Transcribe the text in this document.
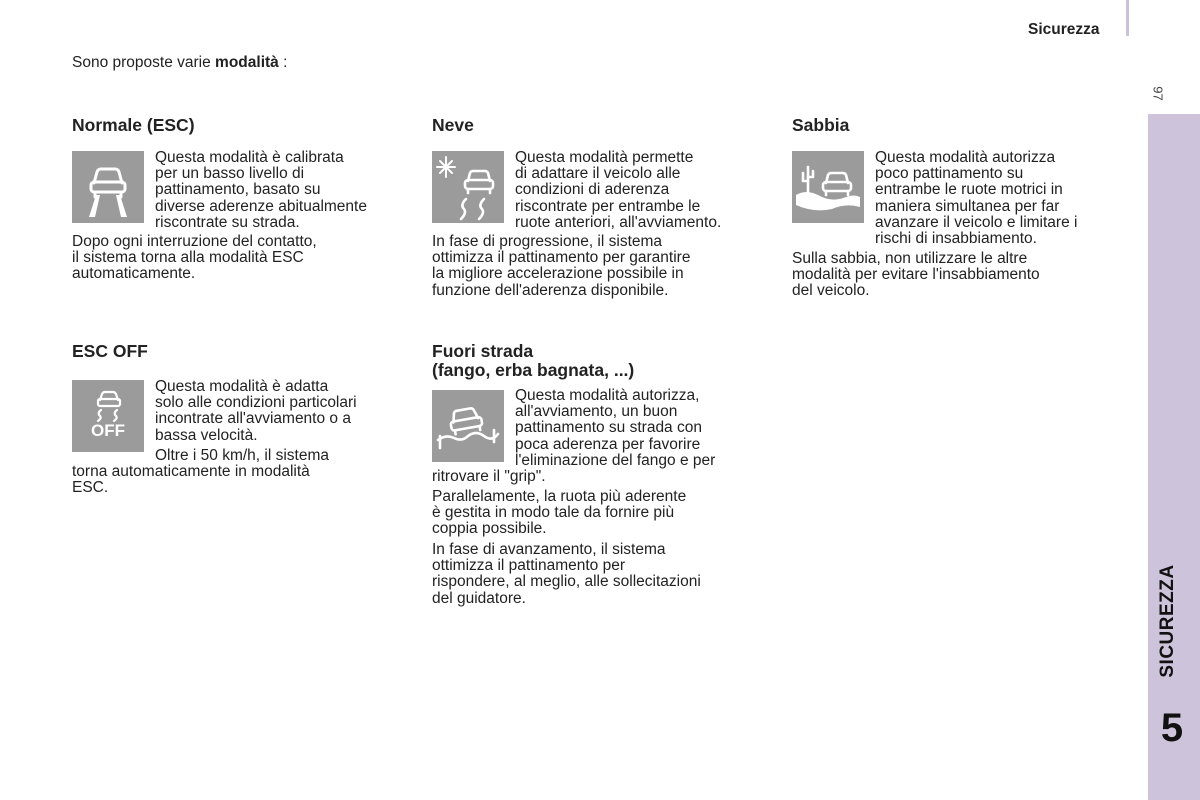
Sicurezza
97
SICUREZZA
5
Sono proposte varie modalità :
Normale (ESC)
Questa modalità è calibrata
per un basso livello di
pattinamento, basato su
diverse aderenze abitualmente
riscontrate su strada.
Dopo ogni interruzione del contatto,
il sistema torna alla modalità ESC
automaticamente.
Neve
Questa modalità permette
di adattare il veicolo alle
condizioni di aderenza
riscontrate per entrambe le
ruote anteriori, all'avviamento.
In fase di progressione, il sistema
ottimizza il pattinamento per garantire
la migliore accelerazione possibile in
funzione dell'aderenza disponibile.
Sabbia
Questa modalità autorizza
poco pattinamento su
entrambe le ruote motrici in
maniera simultanea per far
avanzare il veicolo e limitare i
rischi di insabbiamento.
Sulla sabbia, non utilizzare le altre
modalità per evitare l'insabbiamento
del veicolo.
ESC OFF
OFF
Questa modalità è adatta
solo alle condizioni particolari
incontrate all'avviamento o a
bassa velocità.
Oltre i 50 km/h, il sistema
torna automaticamente in modalità
ESC.
Fuori strada
(fango, erba bagnata, ...)
Questa modalità autorizza,
all'avviamento, un buon
pattinamento su strada con
poca aderenza per favorire
l'eliminazione del fango e per
ritrovare il "grip".
Parallelamente, la ruota più aderente
è gestita in modo tale da fornire più
coppia possibile.
In fase di avanzamento, il sistema
ottimizza il pattinamento per
rispondere, al meglio, alle sollecitazioni
del guidatore.
